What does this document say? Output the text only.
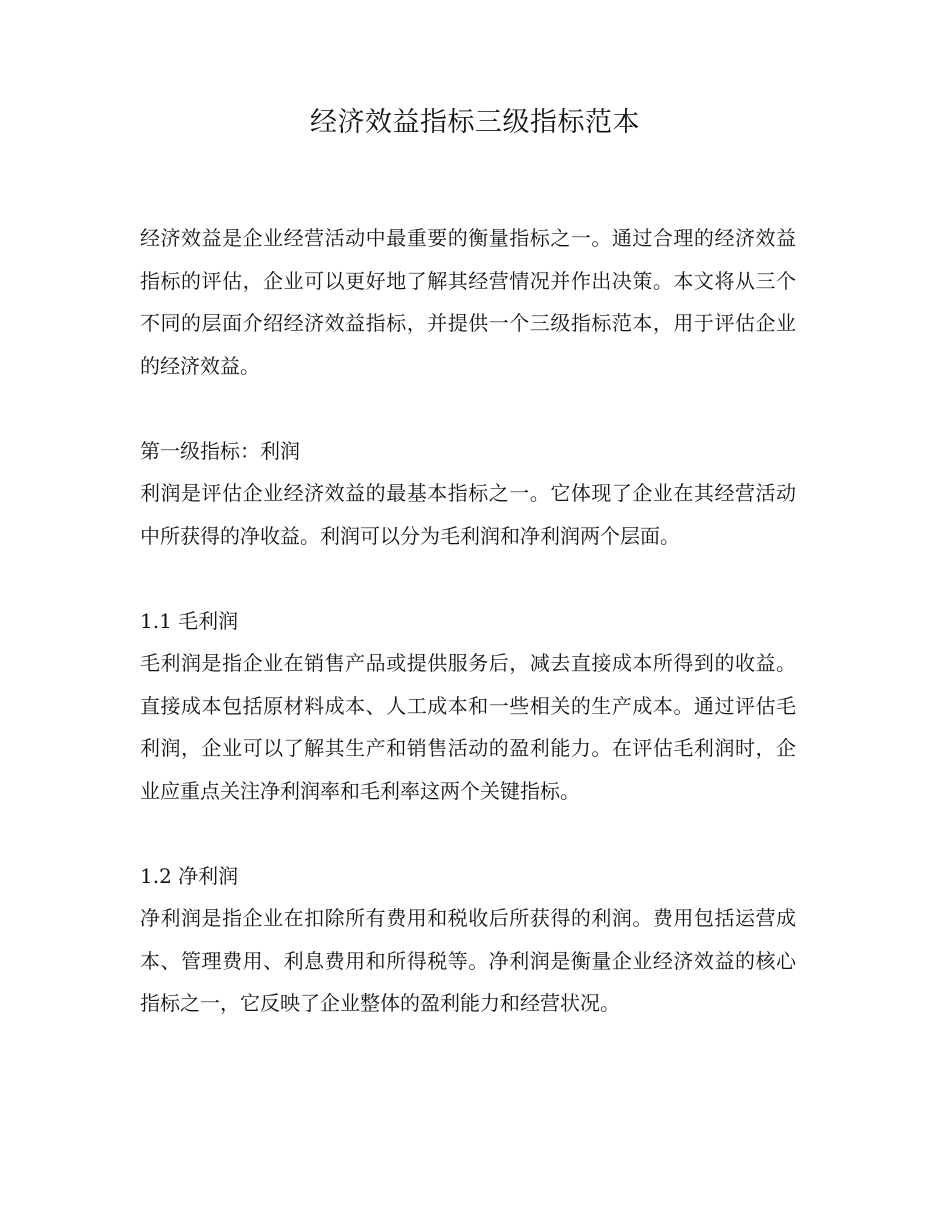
经济效益指标三级指标范本

经济效益是企业经营活动中最重要的衡量指标之一。通过合理的经济效益指标的评估，企业可以更好地了解其经营情况并作出决策。本文将从三个不同的层面介绍经济效益指标，并提供一个三级指标范本，用于评估企业的经济效益。

第一级指标：利润

利润是评估企业经济效益的最基本指标之一。它体现了企业在其经营活动中所获得的净收益。利润可以分为毛利润和净利润两个层面。

1.1 毛利润

毛利润是指企业在销售产品或提供服务后，减去直接成本所得到的收益。直接成本包括原材料成本、人工成本和一些相关的生产成本。通过评估毛利润，企业可以了解其生产和销售活动的盈利能力。在评估毛利润时，企业应重点关注净利润率和毛利率这两个关键指标。

1.2 净利润

净利润是指企业在扣除所有费用和税收后所获得的利润。费用包括运营成本、管理费用、利息费用和所得税等。净利润是衡量企业经济效益的核心指标之一，它反映了企业整体的盈利能力和经营状况。
